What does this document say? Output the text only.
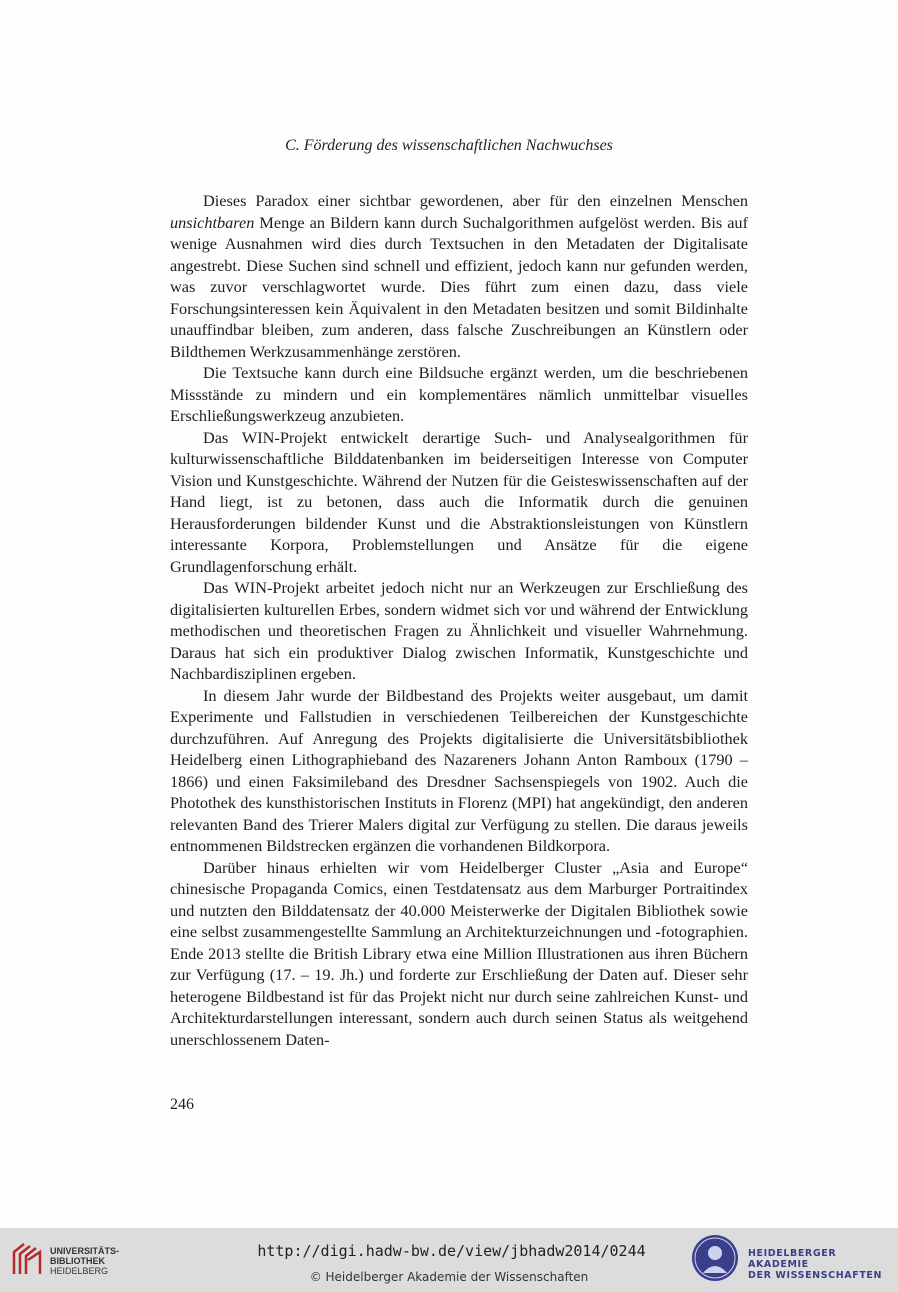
C. Förderung des wissenschaftlichen Nachwuchses

Dieses Paradox einer sichtbar gewordenen, aber für den einzelnen Menschen unsichtbaren Menge an Bildern kann durch Suchalgorithmen aufgelöst werden. Bis auf wenige Ausnahmen wird dies durch Textsuchen in den Metadaten der Digitalisate angestrebt. Diese Suchen sind schnell und effizient, jedoch kann nur gefunden werden, was zuvor verschlagwortet wurde. Dies führt zum einen dazu, dass viele Forschungsinteressen kein Äquivalent in den Metadaten besitzen und somit Bildinhalte unauffindbar bleiben, zum anderen, dass falsche Zuschreibungen an Künstlern oder Bildthemen Werkzusammenhänge zerstören.

Die Textsuche kann durch eine Bildsuche ergänzt werden, um die beschriebenen Missstände zu mindern und ein komplementäres nämlich unmittelbar visuelles Erschließungswerkzeug anzubieten.

Das WIN-Projekt entwickelt derartige Such- und Analysealgorithmen für kulturwissenschaftliche Bilddatenbanken im beiderseitigen Interesse von Computer Vision und Kunstgeschichte. Während der Nutzen für die Geisteswissenschaften auf der Hand liegt, ist zu betonen, dass auch die Informatik durch die genuinen Herausforderungen bildender Kunst und die Abstraktionsleistungen von Künstlern interessante Korpora, Problemstellungen und Ansätze für die eigene Grundlagenforschung erhält.

Das WIN-Projekt arbeitet jedoch nicht nur an Werkzeugen zur Erschließung des digitalisierten kulturellen Erbes, sondern widmet sich vor und während der Entwicklung methodischen und theoretischen Fragen zu Ähnlichkeit und visueller Wahrnehmung. Daraus hat sich ein produktiver Dialog zwischen Informatik, Kunstgeschichte und Nachbardisziplinen ergeben.

In diesem Jahr wurde der Bildbestand des Projekts weiter ausgebaut, um damit Experimente und Fallstudien in verschiedenen Teilbereichen der Kunstgeschichte durchzuführen. Auf Anregung des Projekts digitalisierte die Universitätsbibliothek Heidelberg einen Lithographieband des Nazareners Johann Anton Ramboux (1790 – 1866) und einen Faksimileband des Dresdner Sachsenspiegels von 1902. Auch die Photothek des kunsthistorischen Instituts in Florenz (MPI) hat angekündigt, den anderen relevanten Band des Trierer Malers digital zur Verfügung zu stellen. Die daraus jeweils entnommenen Bildstrecken ergänzen die vorhandenen Bildkorpora.

Darüber hinaus erhielten wir vom Heidelberger Cluster „Asia and Europe“ chinesische Propaganda Comics, einen Testdatensatz aus dem Marburger Portraitindex und nutzten den Bilddatensatz der 40.000 Meisterwerke der Digitalen Bibliothek sowie eine selbst zusammengestellte Sammlung an Architekturzeichnungen und -fotographien. Ende 2013 stellte die British Library etwa eine Million Illustrationen aus ihren Büchern zur Verfügung (17. – 19. Jh.) und forderte zur Erschließung der Daten auf. Dieser sehr heterogene Bildbestand ist für das Projekt nicht nur durch seine zahlreichen Kunst- und Architekturdarstellungen interessant, sondern auch durch seinen Status als weitgehend unerschlossenem Daten-

246
UNIVERSITÄTS-
BIBLIOTHEK
HEIDELBERG
http://digi.hadw-bw.de/view/jbhadw2014/0244
© Heidelberger Akademie der Wissenschaften
HEIDELBERGER AKADEMIE
DER WISSENSCHAFTEN
